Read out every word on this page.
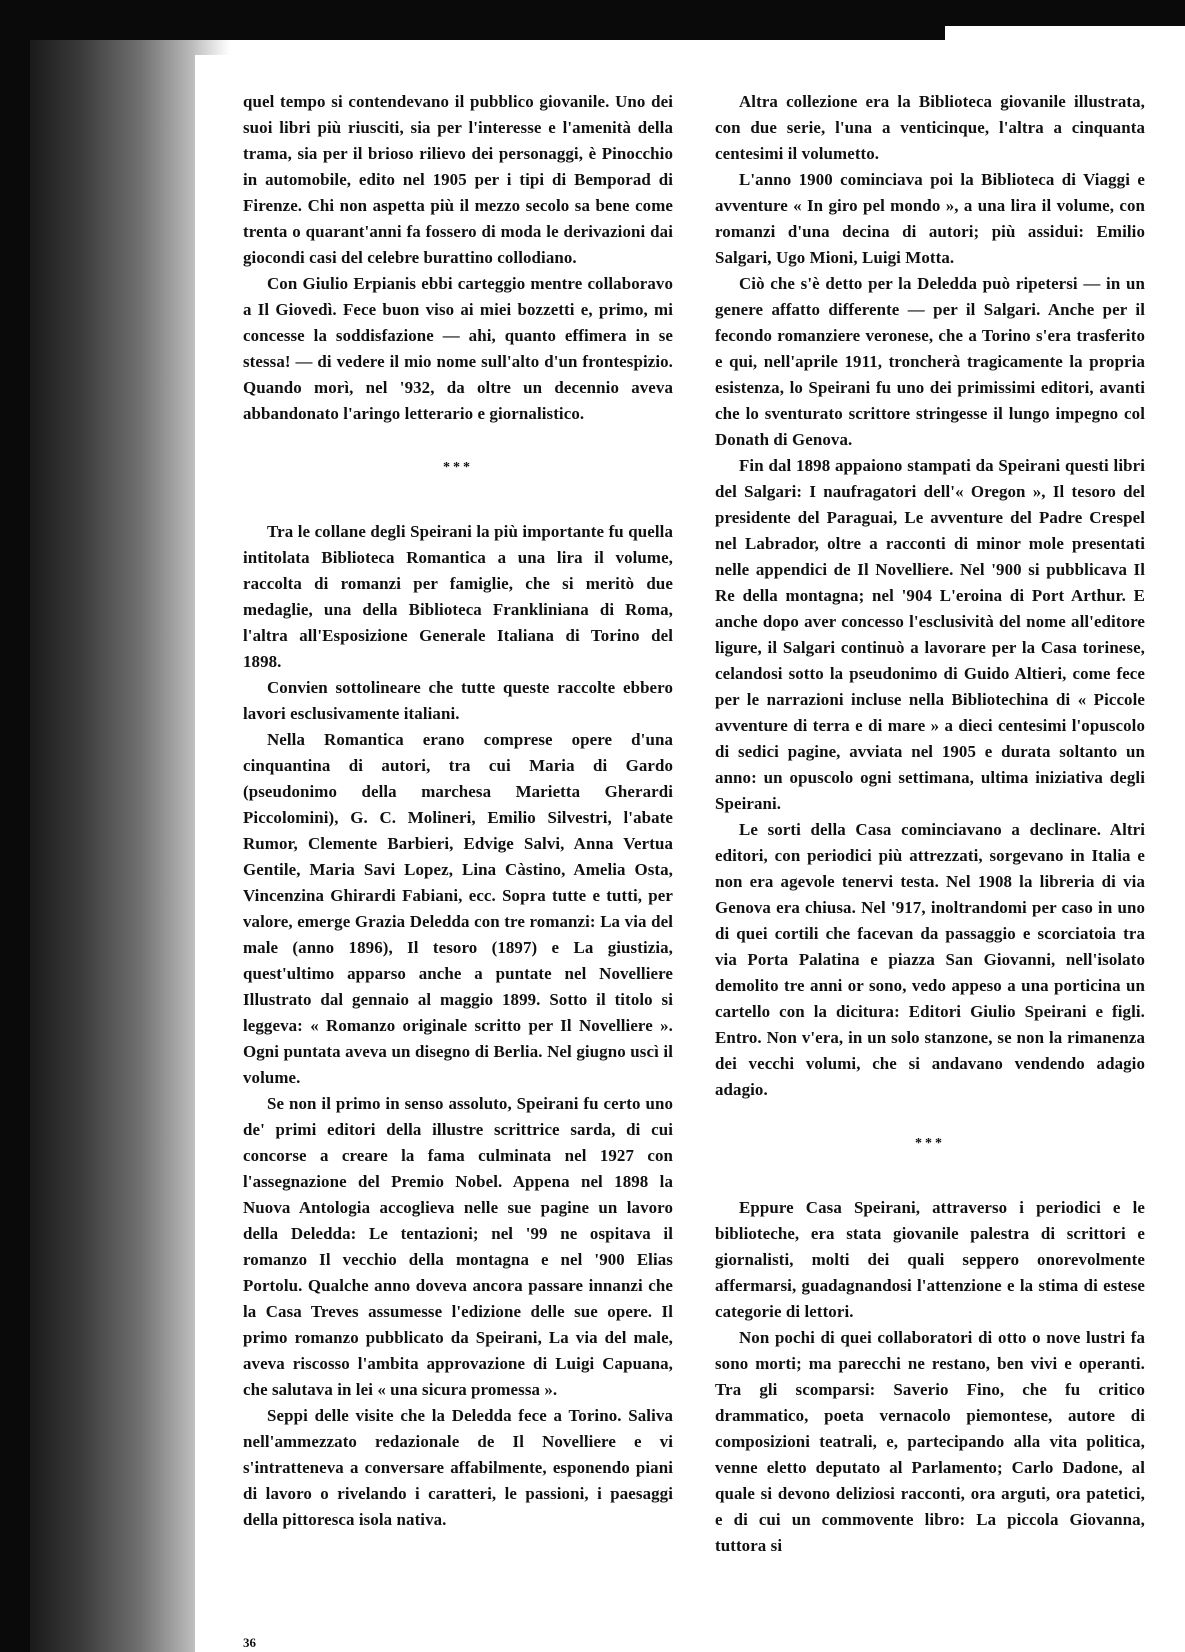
quel tempo si contendevano il pubblico giovanile. Uno dei suoi libri più riusciti, sia per l'interesse e l'amenità della trama, sia per il brioso rilievo dei personaggi, è Pinocchio in automobile, edito nel 1905 per i tipi di Bemporad di Firenze. Chi non aspetta più il mezzo secolo sa bene come trenta o quarant'anni fa fossero di moda le derivazioni dai giocondi casi del celebre burattino collodiano.

Con Giulio Erpianis ebbi carteggio mentre collaboravo a Il Giovedì. Fece buon viso ai miei bozzetti e, primo, mi concesse la soddisfazione — ahi, quanto effimera in se stessa! — di vedere il mio nome sull'alto d'un frontespizio. Quando morì, nel '932, da oltre un decennio aveva abbandonato l'aringo letterario e giornalistico.

***

Tra le collane degli Speirani la più importante fu quella intitolata Biblioteca Romantica a una lira il volume, raccolta di romanzi per famiglie, che si meritò due medaglie, una della Biblioteca Frankliniana di Roma, l'altra all'Esposizione Generale Italiana di Torino del 1898.

Convien sottolineare che tutte queste raccolte ebbero lavori esclusivamente italiani.

Nella Romantica erano comprese opere d'una cinquantina di autori, tra cui Maria di Gardo (pseudonimo della marchesa Marietta Gherardi Piccolomini), G. C. Molineri, Emilio Silvestri, l'abate Rumor, Clemente Barbieri, Edvige Salvi, Anna Vertua Gentile, Maria Savi Lopez, Lina Càstino, Amelia Osta, Vincenzina Ghirardi Fabiani, ecc. Sopra tutte e tutti, per valore, emerge Grazia Deledda con tre romanzi: La via del male (anno 1896), Il tesoro (1897) e La giustizia, quest'ultimo apparso anche a puntate nel Novelliere Illustrato dal gennaio al maggio 1899. Sotto il titolo si leggeva: « Romanzo originale scritto per Il Novelliere ». Ogni puntata aveva un disegno di Berlia. Nel giugno uscì il volume.

Se non il primo in senso assoluto, Speirani fu certo uno de' primi editori della illustre scrittrice sarda, di cui concorse a creare la fama culminata nel 1927 con l'assegnazione del Premio Nobel. Appena nel 1898 la Nuova Antologia accoglieva nelle sue pagine un lavoro della Deledda: Le tentazioni; nel '99 ne ospitava il romanzo Il vecchio della montagna e nel '900 Elias Portolu. Qualche anno doveva ancora passare innanzi che la Casa Treves assumesse l'edizione delle sue opere. Il primo romanzo pubblicato da Speirani, La via del male, aveva riscosso l'ambita approvazione di Luigi Capuana, che salutava in lei « una sicura promessa ».

Seppi delle visite che la Deledda fece a Torino. Saliva nell'ammezzato redazionale de Il Novelliere e vi s'intratteneva a conversare affabilmente, esponendo piani di lavoro o rivelando i caratteri, le passioni, i paesaggi della pittoresca isola nativa.

Altra collezione era la Biblioteca giovanile illustrata, con due serie, l'una a venticinque, l'altra a cinquanta centesimi il volumetto.

L'anno 1900 cominciava poi la Biblioteca di Viaggi e avventure « In giro pel mondo », a una lira il volume, con romanzi d'una decina di autori; più assidui: Emilio Salgari, Ugo Mioni, Luigi Motta.

Ciò che s'è detto per la Deledda può ripetersi — in un genere affatto differente — per il Salgari. Anche per il fecondo romanziere veronese, che a Torino s'era trasferito e qui, nell'aprile 1911, troncherà tragicamente la propria esistenza, lo Speirani fu uno dei primissimi editori, avanti che lo sventurato scrittore stringesse il lungo impegno col Donath di Genova.

Fin dal 1898 appaiono stampati da Speirani questi libri del Salgari: I naufragatori dell'« Oregon », Il tesoro del presidente del Paraguai, Le avventure del Padre Crespel nel Labrador, oltre a racconti di minor mole presentati nelle appendici de Il Novelliere. Nel '900 si pubblicava Il Re della montagna; nel '904 L'eroina di Port Arthur. E anche dopo aver concesso l'esclusività del nome all'editore ligure, il Salgari continuò a lavorare per la Casa torinese, celandosi sotto la pseudonimo di Guido Altieri, come fece per le narrazioni incluse nella Bibliotechina di « Piccole avventure di terra e di mare » a dieci centesimi l'opuscolo di sedici pagine, avviata nel 1905 e durata soltanto un anno: un opuscolo ogni settimana, ultima iniziativa degli Speirani.

Le sorti della Casa cominciavano a declinare. Altri editori, con periodici più attrezzati, sorgevano in Italia e non era agevole tenervi testa. Nel 1908 la libreria di via Genova era chiusa. Nel '917, inoltrandomi per caso in uno di quei cortili che facevan da passaggio e scorciatoia tra via Porta Palatina e piazza San Giovanni, nell'isolato demolito tre anni or sono, vedo appeso a una porticina un cartello con la dicitura: Editori Giulio Speirani e figli. Entro. Non v'era, in un solo stanzone, se non la rimanenza dei vecchi volumi, che si andavano vendendo adagio adagio.

***

Eppure Casa Speirani, attraverso i periodici e le biblioteche, era stata giovanile palestra di scrittori e giornalisti, molti dei quali seppero onorevolmente affermarsi, guadagnandosi l'attenzione e la stima di estese categorie di lettori.

Non pochi di quei collaboratori di otto o nove lustri fa sono morti; ma parecchi ne restano, ben vivi e operanti. Tra gli scomparsi: Saverio Fino, che fu critico drammatico, poeta vernacolo piemontese, autore di composizioni teatrali, e, partecipando alla vita politica, venne eletto deputato al Parlamento; Carlo Dadone, al quale si devono deliziosi racconti, ora arguti, ora patetici, e di cui un commovente libro: La piccola Giovanna, tuttora si

36
